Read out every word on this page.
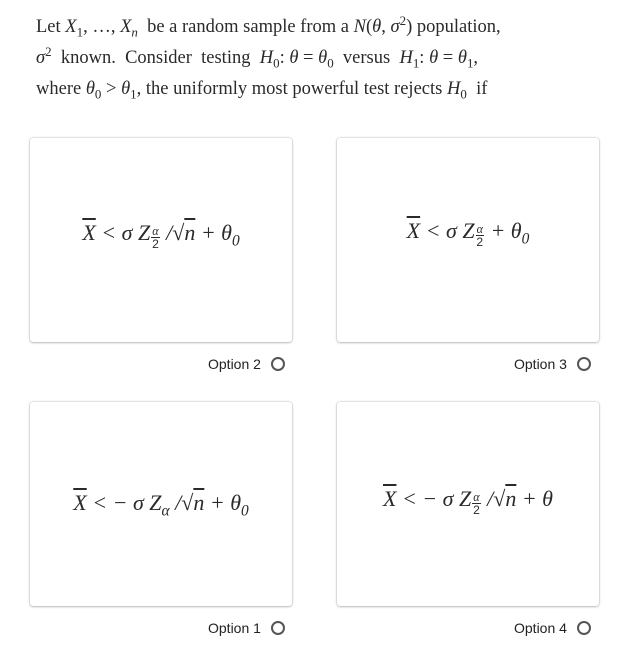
Let $X_1$, …, $X_n$  be a random sample from a N(θ, $\sigma^2$) population,
$\sigma^2$  known.  Consider  testing  $H_0$: $\theta = \theta_0$  versus  $H_1$: $\theta = \theta_1$,
where $\theta_0 > \theta_1$, the uniformly most powerful test rejects $H_0$  if
$\overline{X} < \sigma$ Z $\frac{\alpha}{2} /√n + \theta_0$
Option 2
$\overline{X} < \sigma$ Z $\frac{\alpha}{2} + \theta_0$
Option 3
$\overline{X}$ < − σ $Z_\alpha$ $/√n + \theta_0$
Option 1
$\overline{X}$ < − σ Z $\frac{\alpha}{2} /√n + \theta$
Option 4
